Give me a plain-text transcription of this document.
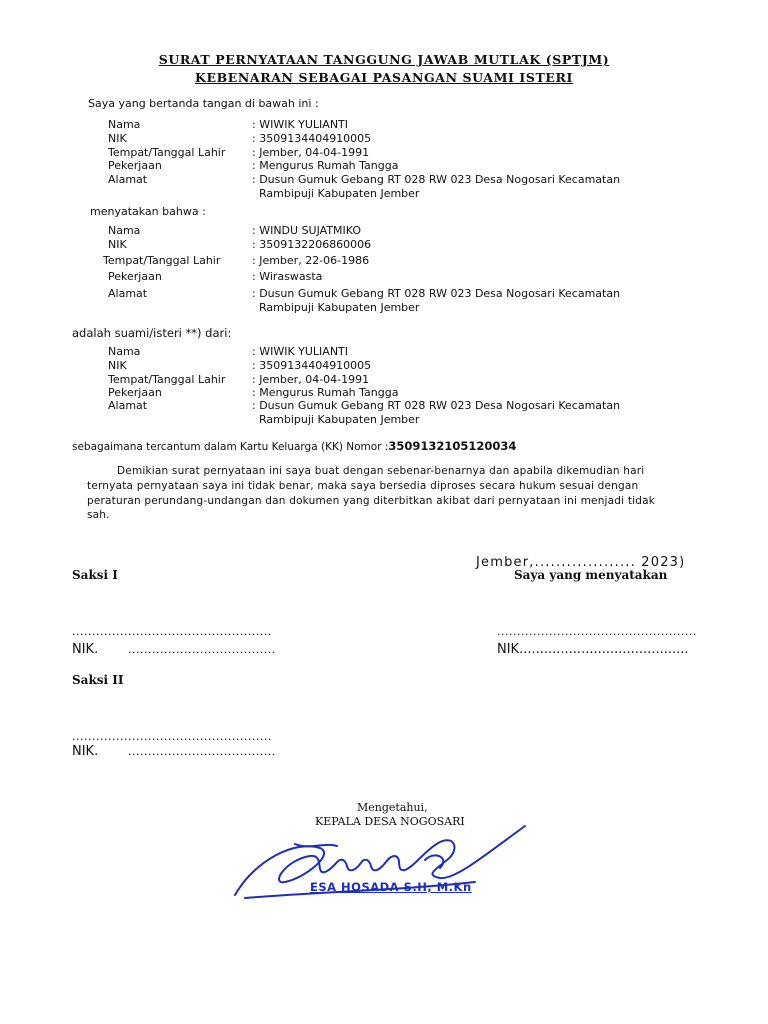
SURAT PERNYATAAN TANGGUNG JAWAB MUTLAK (SPTJM)
KEBENARAN SEBAGAI PASANGAN SUAMI ISTERI
Saya yang bertanda tangan di bawah ini :
Nama	: WIWIK YULIANTI
NIK	: 3509134404910005
Tempat/Tanggal Lahir : Jember, 04-04-1991
Pekerjaan	: Mengurus Rumah Tangga
Alamat	: Dusun Gumuk Gebang RT 028 RW 023 Desa Nogosari Kecamatan
Rambipuji Kabupaten Jember
menyatakan bahwa :
Nama	: WINDU SUJATMIKO
NIK	: 3509132206860006
Tempat/Tanggal Lahir	: Jember, 22-06-1986
Pekerjaan	: Wiraswasta
Alamat	: Dusun Gumuk Gebang RT 028 RW 023 Desa Nogosari Kecamatan
Rambipuji Kabupaten Jember
adalah suami/isteri **) dari:
Nama	: WIWIK YULIANTI
NIK	: 3509134404910005
Tempat/Tanggal Lahir : Jember, 04-04-1991
Pekerjaan	: Mengurus Rumah Tangga
Alamat	: Dusun Gumuk Gebang RT 028 RW 023 Desa Nogosari Kecamatan
Rambipuji Kabupaten Jember
sebagaimana tercantum dalam Kartu Keluarga (KK) Nomor :3509132105120034
Demikian surat pernyataan ini saya buat dengan sebenar-benarnya dan apabila dikemudian hari
ternyata pernyataan saya ini tidak benar, maka saya bersedia diproses secara hukum sesuai dengan
peraturan perundang-undangan dan dokumen yang diterbitkan akibat dari pernyataan ini menjadi tidak
sah.
Jember,................... 2023)
Saksi I	Saya yang menyatakan
..................................................	..................................................
NIK.	.....................................	NIK.........................................
Saksi II
..................................................
NIK.	.....................................
Mengetahui,
KEPALA DESA NOGOSARI
ESA HOSADA S.H, M.Kn
